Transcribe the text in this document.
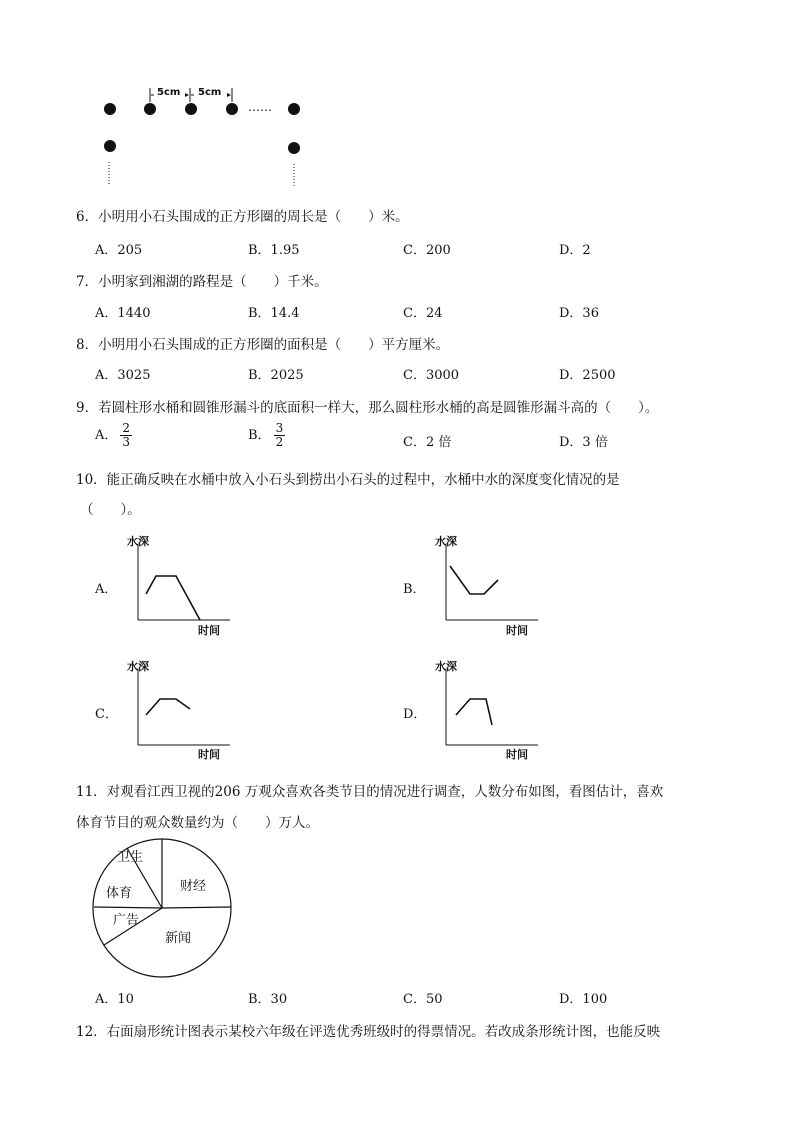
……
5cm 5cm
6．小明用小石头围成的正方形圈的周长是（　　）米。
A．205	B．1.95	C．200	D．2
7．小明家到湘湖的路程是（　　）千米。
A．1440	B．14.4	C．24	D．36
8．小明用小石头围成的正方形圈的面积是（　　）平方厘米。
A．3025	B．2025	C．3000	D．2500
9．若圆柱形水桶和圆锥形漏斗的底面积一样大，那么圆柱形水桶的高是圆锥形漏斗高的（　　）。
A． $\frac{2}{3}$	B． $\frac{3}{2}$	C．2 倍	D．3 倍
10．能正确反映在水桶中放入小石头到捞出小石头的过程中，水桶中水的深度变化情况的是
（　　）。
A．
水深
时间
B．
水深
时间
C．
水深
时间
D．
水深
时间
11．对观看江西卫视的206 万观众喜欢各类节目的情况进行调查，人数分布如图，看图估计，喜欢
体育节目的观众数量约为（　　）万人。
卫生
财经
体育
广告
新闻
A．10	B．30	C．50	D．100
12．右面扇形统计图表示某校六年级在评选优秀班级时的得票情况。若改成条形统计图，也能反映
